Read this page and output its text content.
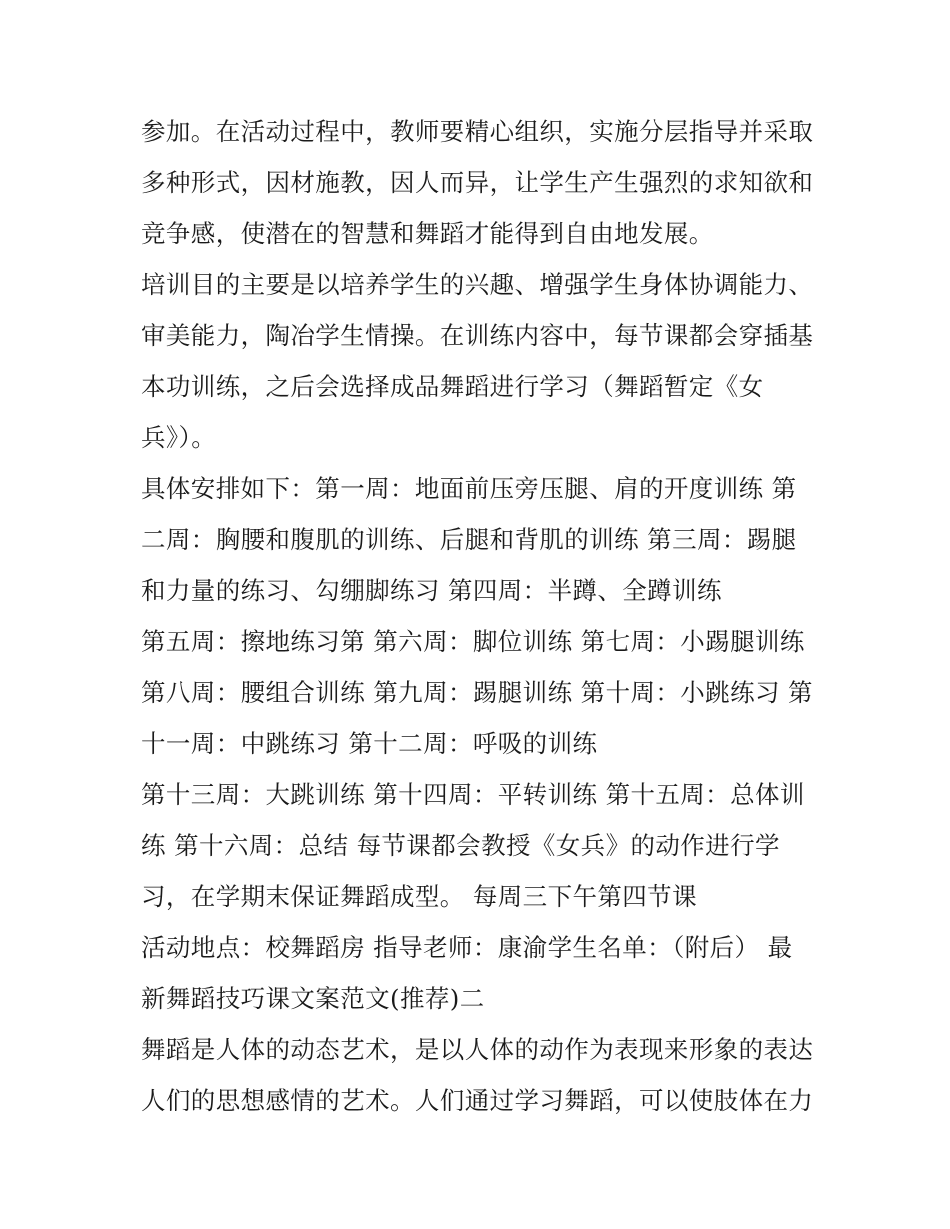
参加。在活动过程中，教师要精心组织，实施分层指导并采取
多种形式，因材施教，因人而异，让学生产生强烈的求知欲和
竞争感，使潜在的智慧和舞蹈才能得到自由地发展。
培训目的主要是以培养学生的兴趣、增强学生身体协调能力、
审美能力，陶冶学生情操。在训练内容中，每节课都会穿插基
本功训练，之后会选择成品舞蹈进行学习（舞蹈暂定《女
兵》）。
具体安排如下：第一周：地面前压旁压腿、肩的开度训练 第
二周：胸腰和腹肌的训练、后腿和背肌的训练 第三周：踢腿
和力量的练习、勾绷脚练习 第四周：半蹲、全蹲训练
第五周：擦地练习第 第六周：脚位训练 第七周：小踢腿训练
第八周：腰组合训练 第九周：踢腿训练 第十周：小跳练习 第
十一周：中跳练习 第十二周：呼吸的训练
第十三周：大跳训练 第十四周：平转训练 第十五周：总体训
练 第十六周：总结 每节课都会教授《女兵》的动作进行学
习，在学期末保证舞蹈成型。 每周三下午第四节课
活动地点：校舞蹈房 指导老师：康渝学生名单：（附后） 最
新舞蹈技巧课文案范文(推荐)二
舞蹈是人体的动态艺术，是以人体的动作为表现来形象的表达
人们的思想感情的艺术。人们通过学习舞蹈，可以使肢体在力
